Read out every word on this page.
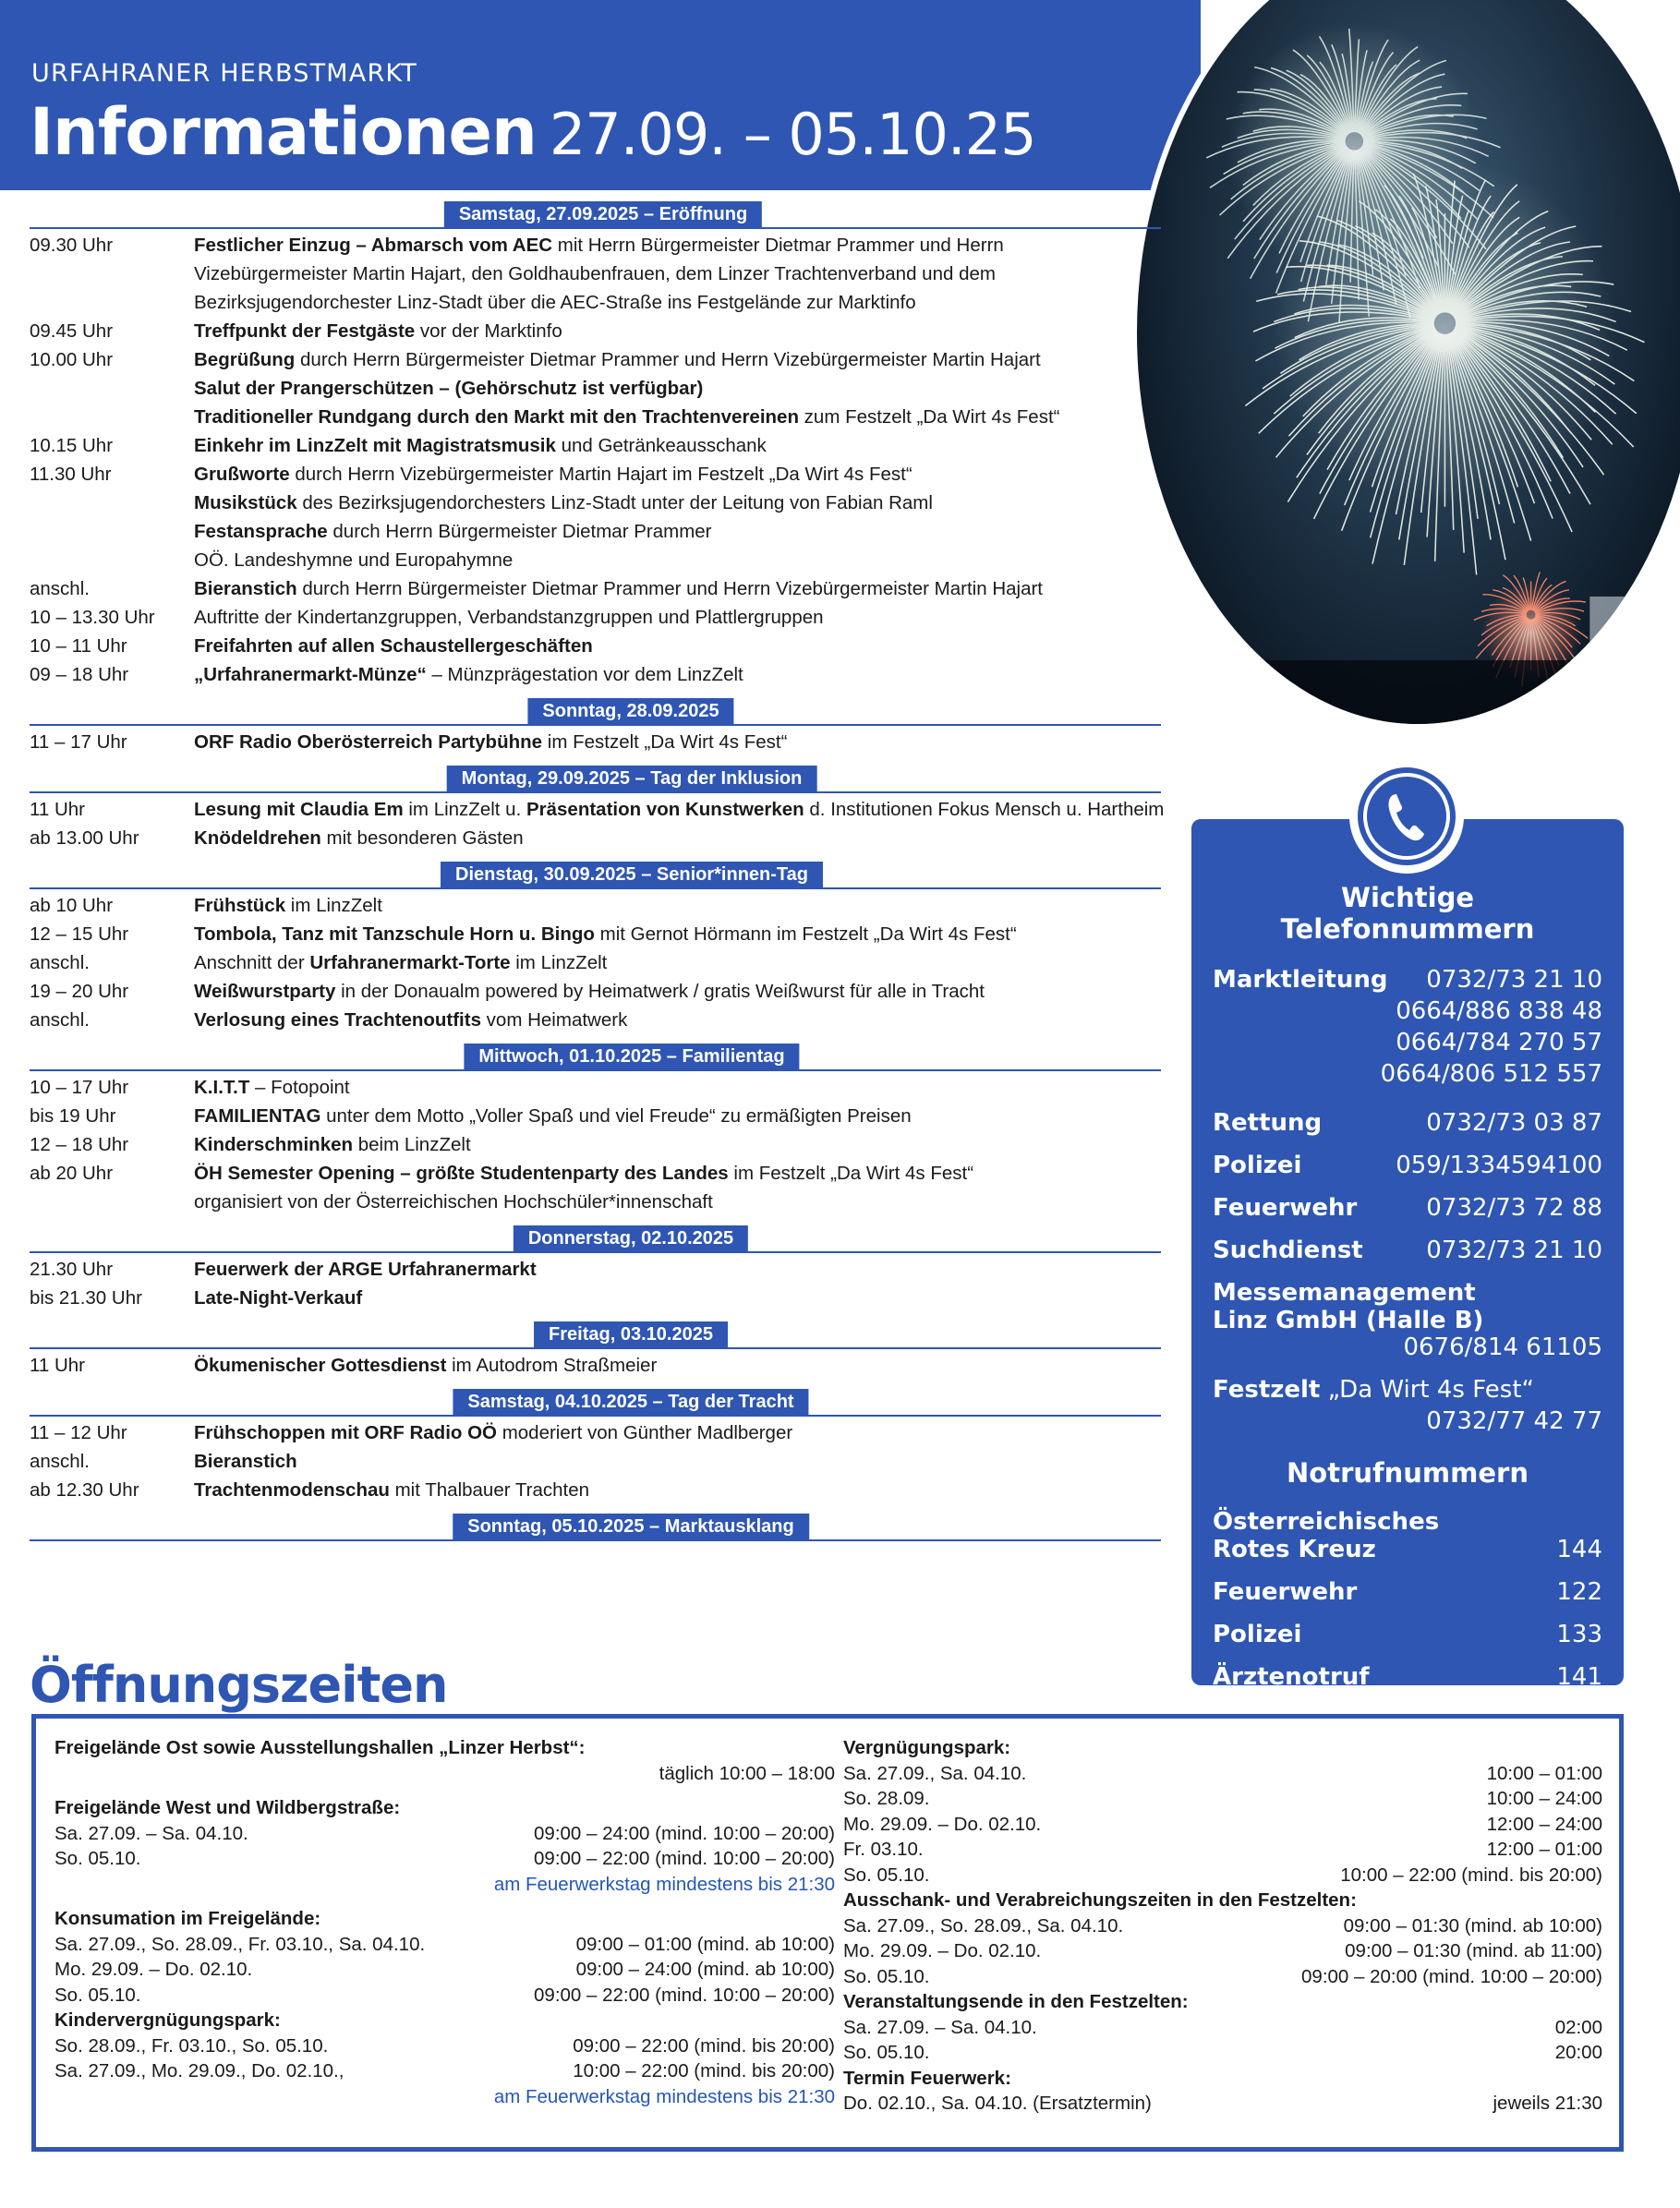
URFAHRANER HERBSTMARKT
Informationen 27.09. – 05.10.25
Samstag, 27.09.2025 – Eröffnung
09.30 Uhr	Festlicher Einzug – Abmarsch vom AEC mit Herrn Bürgermeister Dietmar Prammer und Herrn
Vizebürgermeister Martin Hajart, den Goldhaubenfrauen, dem Linzer Trachtenverband und dem
Bezirksjugendorchester Linz-Stadt über die AEC-Straße ins Festgelände zur Marktinfo
09.45 Uhr	Treffpunkt der Festgäste vor der Marktinfo
10.00 Uhr	Begrüßung durch Herrn Bürgermeister Dietmar Prammer und Herrn Vizebürgermeister Martin Hajart
Salut der Prangerschützen – (Gehörschutz ist verfügbar)
Traditioneller Rundgang durch den Markt mit den Trachtenvereinen zum Festzelt „Da Wirt 4s Fest“
10.15 Uhr	Einkehr im LinzZelt mit Magistratsmusik und Getränkeausschank
11.30 Uhr	Grußworte durch Herrn Vizebürgermeister Martin Hajart im Festzelt „Da Wirt 4s Fest“
Musikstück des Bezirksjugendorchesters Linz-Stadt unter der Leitung von Fabian Raml
Festansprache durch Herrn Bürgermeister Dietmar Prammer
OÖ. Landeshymne und Europahymne
anschl.	Bieranstich durch Herrn Bürgermeister Dietmar Prammer und Herrn Vizebürgermeister Martin Hajart
10 – 13.30 Uhr	Auftritte der Kindertanzgruppen, Verbandstanzgruppen und Plattlergruppen
10 – 11 Uhr	Freifahrten auf allen Schaustellergeschäften
09 – 18 Uhr	„Urfahranermarkt-Münze“ – Münzprägestation vor dem LinzZelt
Sonntag, 28.09.2025
11 – 17 Uhr	ORF Radio Oberösterreich Partybühne im Festzelt „Da Wirt 4s Fest“
Montag, 29.09.2025 – Tag der Inklusion
11 Uhr	Lesung mit Claudia Em im LinzZelt u. Präsentation von Kunstwerken d. Institutionen Fokus Mensch u. Hartheim
ab 13.00 Uhr	Knödeldrehen mit besonderen Gästen
Dienstag, 30.09.2025 – Senior*innen-Tag
ab 10 Uhr	Frühstück im LinzZelt
12 – 15 Uhr	Tombola, Tanz mit Tanzschule Horn u. Bingo mit Gernot Hörmann im Festzelt „Da Wirt 4s Fest“
anschl.	Anschnitt der Urfahranermarkt-Torte im LinzZelt
19 – 20 Uhr	Weißwurstparty in der Donaualm powered by Heimatwerk / gratis Weißwurst für alle in Tracht
anschl.	Verlosung eines Trachtenoutfits vom Heimatwerk
Mittwoch, 01.10.2025 – Familientag
10 – 17 Uhr	K.I.T.T – Fotopoint
bis 19 Uhr	FAMILIENTAG unter dem Motto „Voller Spaß und viel Freude“ zu ermäßigten Preisen
12 – 18 Uhr	Kinderschminken beim LinzZelt
ab 20 Uhr	ÖH Semester Opening – größte Studentenparty des Landes im Festzelt „Da Wirt 4s Fest“
organisiert von der Österreichischen Hochschüler*innenschaft
Donnerstag, 02.10.2025
21.30 Uhr	Feuerwerk der ARGE Urfahranermarkt
bis 21.30 Uhr	Late-Night-Verkauf
Freitag, 03.10.2025
11 Uhr	Ökumenischer Gottesdienst im Autodrom Straßmeier
Samstag, 04.10.2025 – Tag der Tracht
11 – 12 Uhr	Frühschoppen mit ORF Radio OÖ moderiert von Günther Madlberger
anschl.	Bieranstich
ab 12.30 Uhr	Trachtenmodenschau mit Thalbauer Trachten
Sonntag, 05.10.2025 – Marktausklang
Wichtige
Telefonnummern
Marktleitung 0732/73 21 10
0664/886 838 48
0664/784 270 57
0664/806 512 557
Rettung	0732/73 03 87
Polizei	059/1334594100
Feuerwehr	0732/73 72 88
Suchdienst	0732/73 21 10
Messemanagement
Linz GmbH (Halle B)
0676/814 61105
Festzelt „Da Wirt 4s Fest“
0732/77 42 77
Notrufnummern
Österreichisches
Rotes Kreuz	144
Feuerwehr	122
Polizei	133
Ärztenotruf	141
Öffnungszeiten
Freigelände Ost sowie Ausstellungshallen „Linzer Herbst“:
täglich 10:00 – 18:00
Freigelände West und Wildbergstraße:
Sa. 27.09. – Sa. 04.10.	09:00 – 24:00 (mind. 10:00 – 20:00)
So. 05.10.	09:00 – 22:00 (mind. 10:00 – 20:00)
am Feuerwerkstag mindestens bis 21:30
Konsumation im Freigelände:
Sa. 27.09., So. 28.09., Fr. 03.10., Sa. 04.10.	09:00 – 01:00 (mind. ab 10:00)
Mo. 29.09. – Do. 02.10.	09:00 – 24:00 (mind. ab 10:00)
So. 05.10.	09:00 – 22:00 (mind. 10:00 – 20:00)
Kindervergnügungspark:
So. 28.09., Fr. 03.10., So. 05.10.	09:00 – 22:00 (mind. bis 20:00)
Sa. 27.09., Mo. 29.09., Do. 02.10.,	10:00 – 22:00 (mind. bis 20:00)
am Feuerwerkstag mindestens bis 21:30
Vergnügungspark:
Sa. 27.09., Sa. 04.10.	10:00 – 01:00
So. 28.09.	10:00 – 24:00
Mo. 29.09. – Do. 02.10.	12:00 – 24:00
Fr. 03.10.	12:00 – 01:00
So. 05.10.	10:00 – 22:00 (mind. bis 20:00)
Ausschank- und Verabreichungszeiten in den Festzelten:
Sa. 27.09., So. 28.09., Sa. 04.10.	09:00 – 01:30 (mind. ab 10:00)
Mo. 29.09. – Do. 02.10.	09:00 – 01:30 (mind. ab 11:00)
So. 05.10.	09:00 – 20:00 (mind. 10:00 – 20:00)
Veranstaltungsende in den Festzelten:
Sa. 27.09. – Sa. 04.10.	02:00
So. 05.10.	20:00
Termin Feuerwerk:
Do. 02.10., Sa. 04.10. (Ersatztermin)	jeweils 21:30
